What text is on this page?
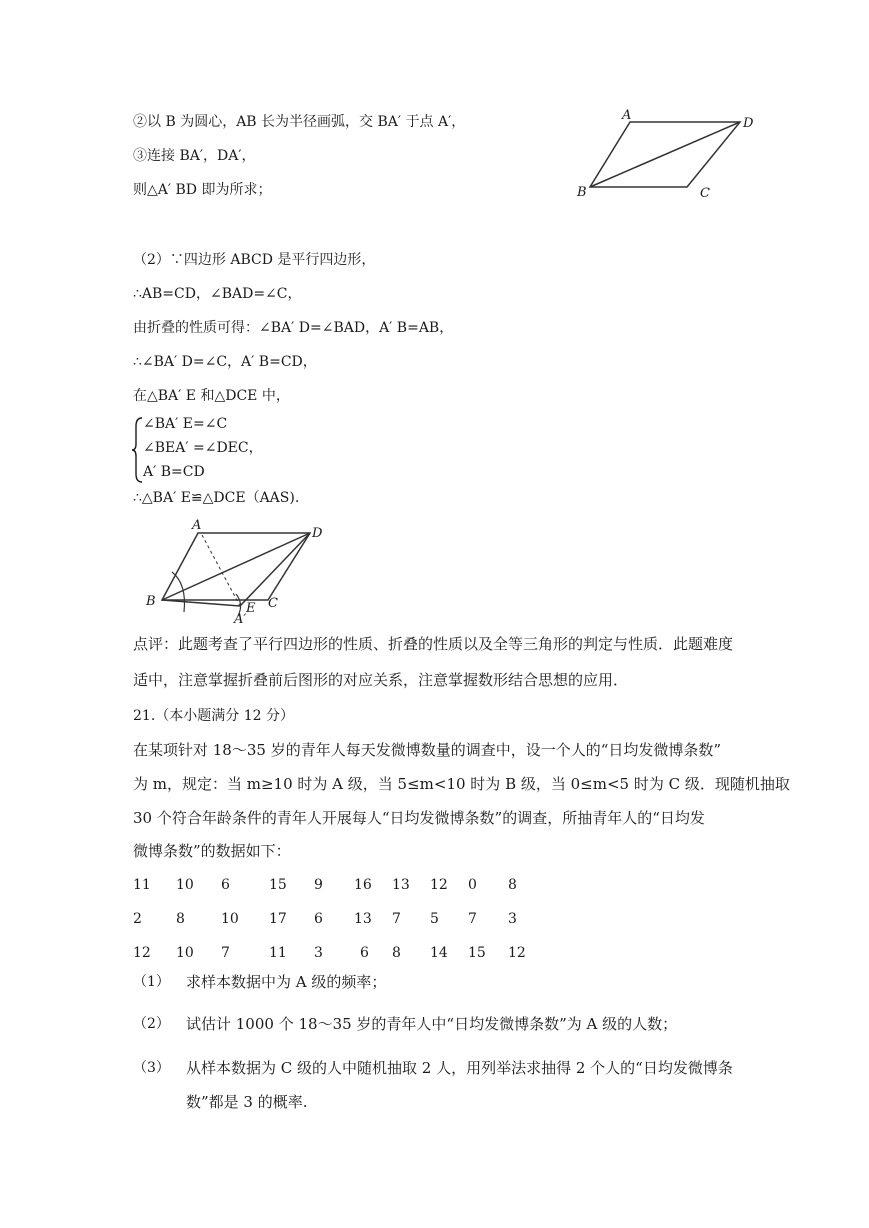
②以 B 为圆心，AB 长为半径画弧，交 BA′ 于点 A′，
③连接 BA′，DA′，
则△A′ BD 即为所求；
A
D
B	C
（2）∵四边形 ABCD 是平行四边形，
∴AB=CD，∠BAD=∠C，
由折叠的性质可得：∠BA′ D=∠BAD，A′ B=AB，
∴∠BA′ D=∠C，A′ B=CD，
在△BA′ E 和△DCE 中，
∠BA′ E=∠C
∠BEA′ =∠DEC，
A′ B=CD
∴△BA′ E≌△DCE（AAS).
A
D
B	C
E
A′
点评：此题考查了平行四边形的性质、折叠的性质以及全等三角形的判定与性质．此题难度
适中，注意掌握折叠前后图形的对应关系，注意掌握数形结合思想的应用．
21.（本小题满分 12 分）
在某项针对 18～35 岁的青年人每天发微博数量的调查中，设一个人的“日均发微博条数”
为 m，规定：当 m≥10 时为 A 级，当 5≤m<10 时为 B 级，当 0≤m<5 时为 C 级．现随机抽取
30 个符合年龄条件的青年人开展每人“日均发微博条数”的调查，所抽青年人的“日均发
微博条数”的数据如下：
11 10 6	15 9 16 13 12 0 8
2 8	10 17 6 13 7 5 7 3
12 10 7	11 3	6 8 14 15 12
（1） 求样本数据中为 A 级的频率；
（2） 试估计 1000 个 18～35 岁的青年人中“日均发微博条数”为 A 级的人数；
（3） 从样本数据为 C 级的人中随机抽取 2 人，用列举法求抽得 2 个人的“日均发微博条
数”都是 3 的概率.
